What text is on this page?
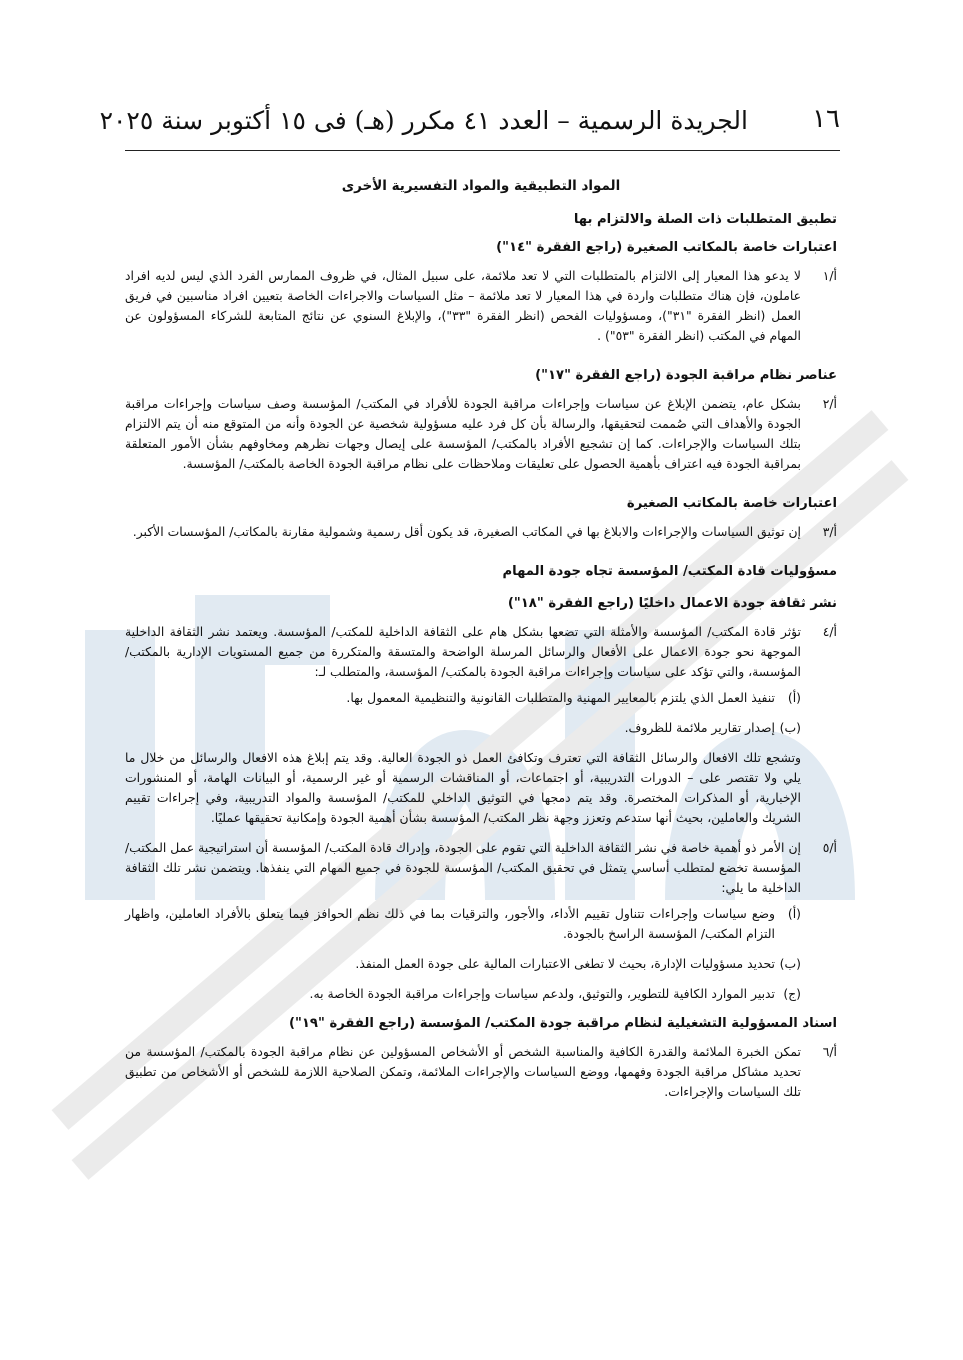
١٦
الجريدة الرسمية – العدد ٤١ مكرر (هـ) فى ١٥ أكتوبر سنة ٢٠٢٥
المواد التطبيقية والمواد التفسيرية الأخرى
تطبيق المتطلبات ذات الصلة والالتزام بها
اعتبارات خاصة بالمكاتب الصغيرة (راجع الفقرة "١٤")
أ/١
لا يدعو هذا المعيار إلى الالتزام بالمتطلبات التي لا تعد ملائمة، على سبيل المثال، في ظروف الممارس الفرد الذي ليس لديه افراد عاملون، فإن هناك متطلبات واردة في هذا المعيار لا تعد ملائمة – مثل السياسات والاجراءات الخاصة بتعيين افراد مناسبين في فريق العمل (انظر الفقرة "٣١")، ومسؤوليات الفحص (انظر الفقرة "٣٣")، والإبلاغ السنوي عن نتائج المتابعة للشركاء المسؤولون عن المهام في المكتب (انظر الفقرة "٥٣") .
عناصر نظام مراقبة الجودة (راجع الفقرة "١٧")
أ/٢
بشكل عام، يتضمن الإبلاغ عن سياسات وإجراءات مراقبة الجودة للأفراد في المكتب/ المؤسسة وصف سياسات وإجراءات مراقبة الجودة والأهداف التي صُممت لتحقيقها، والرسالة بأن كل فرد عليه مسؤولية شخصية عن الجودة وأنه من المتوقع منه أن يتم الالتزام بتلك السياسات والإجراءات. كما إن تشجيع الأفراد بالمكتب/ المؤسسة على إيصال وجهات نظرهم ومخاوفهم بشأن الأمور المتعلقة بمراقبة الجودة فيه اعتراف بأهمية الحصول على تعليقات وملاحظات على نظام مراقبة الجودة الخاصة بالمكتب/ المؤسسة.
اعتبارات خاصة بالمكاتب الصغيرة
أ/٣
إن توثيق السياسات والإجراءات والابلاغ بها في المكاتب الصغيرة، قد يكون أقل رسمية وشمولية مقارنة بالمكاتب/ المؤسسات الأكبر.
مسؤوليات قادة المكتب/ المؤسسة تجاه جودة المهام
نشر ثقافة جودة الاعمال داخليًا (راجع الفقرة "١٨")
أ/٤
تؤثر قادة المكتب/ المؤسسة والأمثلة التي تضعها بشكل هام على الثقافة الداخلية للمكتب/ المؤسسة. ويعتمد نشر الثقافة الداخلية الموجهة نحو جودة الاعمال على الأفعال والرسائل المرسلة الواضحة والمتسقة والمتكررة من جميع المستويات الإدارية بالمكتب/ المؤسسة، والتي تؤكد على سياسات وإجراءات مراقبة الجودة بالمكتب/ المؤسسة، والمتطلب لـ:
(أ)
تنفيذ العمل الذي يلتزم بالمعايير المهنية والمتطلبات القانونية والتنظيمية المعمول بها.
(ب)
إصدار تقارير ملائمة للظروف.
وتشجع تلك الافعال والرسائل الثقافة التي تعترف وتكافئ العمل ذو الجودة العالية. وقد يتم إبلاغ هذه الافعال والرسائل من خلال ما يلي ولا تقتصر على – الدورات التدريبية، أو اجتماعات، أو المناقشات الرسمية أو غير الرسمية، أو البيانات الهامة، أو المنشورات الإخبارية، أو المذكرات المختصرة. وقد يتم دمجها في التوثيق الداخلي للمكتب/ المؤسسة والمواد التدريبية، وفي إجراءات تقييم الشريك والعاملين، بحيث أنها ستدعم وتعزز وجهة نظر المكتب/ المؤسسة بشأن أهمية الجودة وإمكانية تحقيقها عمليًا.
أ/٥
إن الأمر ذو أهمية خاصة في نشر الثقافة الداخلية التي تقوم على الجودة، وإدراك قادة المكتب/ المؤسسة أن استراتيجية عمل المكتب/ المؤسسة تخضع لمتطلب أساسي يتمثل في تحقيق المكتب/ المؤسسة للجودة في جميع المهام التي ينفذها. ويتضمن نشر تلك الثقافة الداخلية ما يلي:
(أ)
وضع سياسات وإجراءات تتناول تقييم الأداء، والأجور، والترقيات بما في ذلك نظم الحوافز فيما يتعلق بالأفراد العاملين، واظهار التزام المكتب/ المؤسسة الراسخ بالجودة.
(ب)
تحديد مسؤوليات الإدارة، بحيث لا تطغى الاعتبارات المالية على جودة العمل المنفذ.
(ج)
تدبير الموارد الكافية للتطوير، والتوثيق، ولدعم سياسات وإجراءات مراقبة الجودة الخاصة به.
اسناد المسؤولية التشغيلية لنظام مراقبة جودة المكتب/ المؤسسة (راجع الفقرة "١٩")
أ/٦
تمكن الخبرة الملائمة والقدرة الكافية والمناسبة الشخص أو الأشخاص المسؤولين عن نظام مراقبة الجودة بالمكتب/ المؤسسة من تحديد مشاكل مراقبة الجودة وفهمها، ووضع السياسات والإجراءات الملائمة، وتمكن الصلاحية اللازمة للشخص أو الأشخاص من تطبيق تلك السياسات والإجراءات.
